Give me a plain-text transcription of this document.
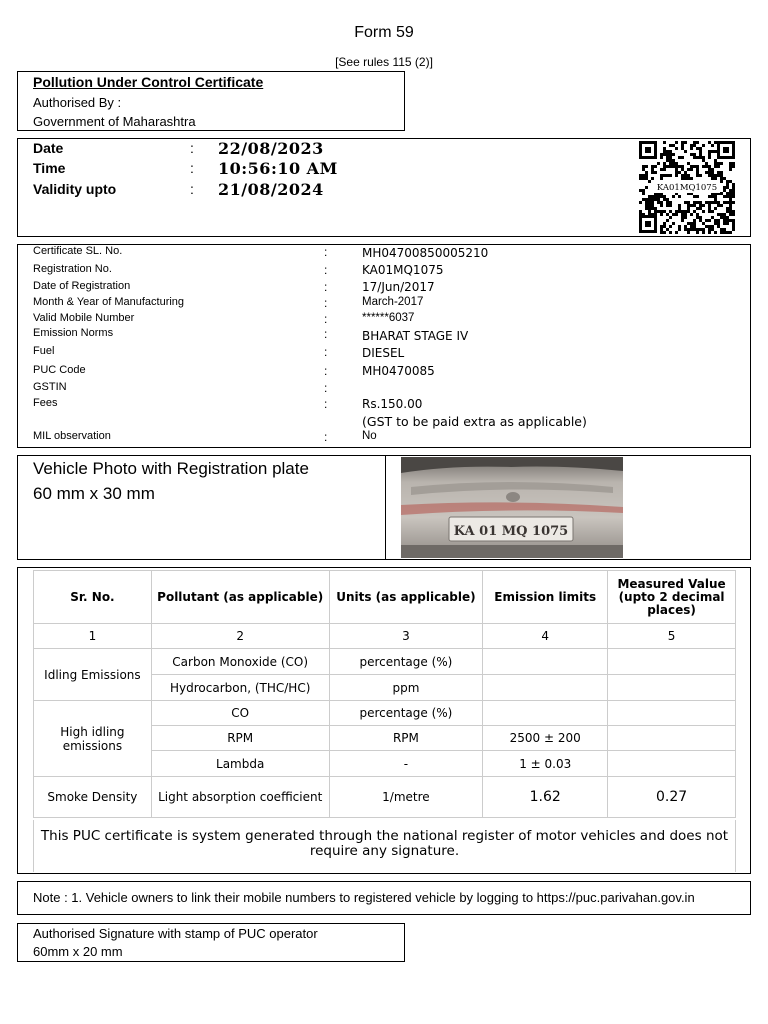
Form 59
[See rules 115 (2)]
Pollution Under Control Certificate
Authorised By :
Government of Maharashtra
Date	: 22/08/2023
Time	: 10:56:10 AM
Validity upto	: 21/08/2024	KA01MQ1075
Certificate SL. No.	:	MH04700850005210
Registration No.	:	KA01MQ1075
Date of Registration	:	17/Jun/2017
Month & Year of Manufacturing	:	March-2017
Valid Mobile Number	:	******6037
Emission Norms	:	BHARAT STAGE IV
Fuel	:	DIESEL
PUC Code	:	MH0470085
GSTIN	:
Fees	:	Rs.150.00
MIL observation	:	No
(GST to be paid extra as applicable)
Vehicle Photo with Registration plate
60 mm x 30 mm
KA 01 MQ 1075
Sr. No.	Pollutant (as applicable)	Units (as applicable)	Emission limits	Measured Value (upto 2 decimal places)
1	2	3	4	5
Idling Emissions	Carbon Monoxide (CO)	percentage (%)		
	Hydrocarbon, (THC/HC)	ppm		
High idling emissions	CO	percentage (%)		
	RPM	RPM	2500 ± 200	
	Lambda	-	1 ± 0.03	
Smoke Density	Light absorption coefficient	1/metre	1.62	0.27
This PUC certificate is system generated through the national register of motor vehicles and does not require any signature.
Note : 1. Vehicle owners to link their mobile numbers to registered vehicle by logging to https://puc.parivahan.gov.in
Authorised Signature with stamp of PUC operator
60mm x 20 mm
